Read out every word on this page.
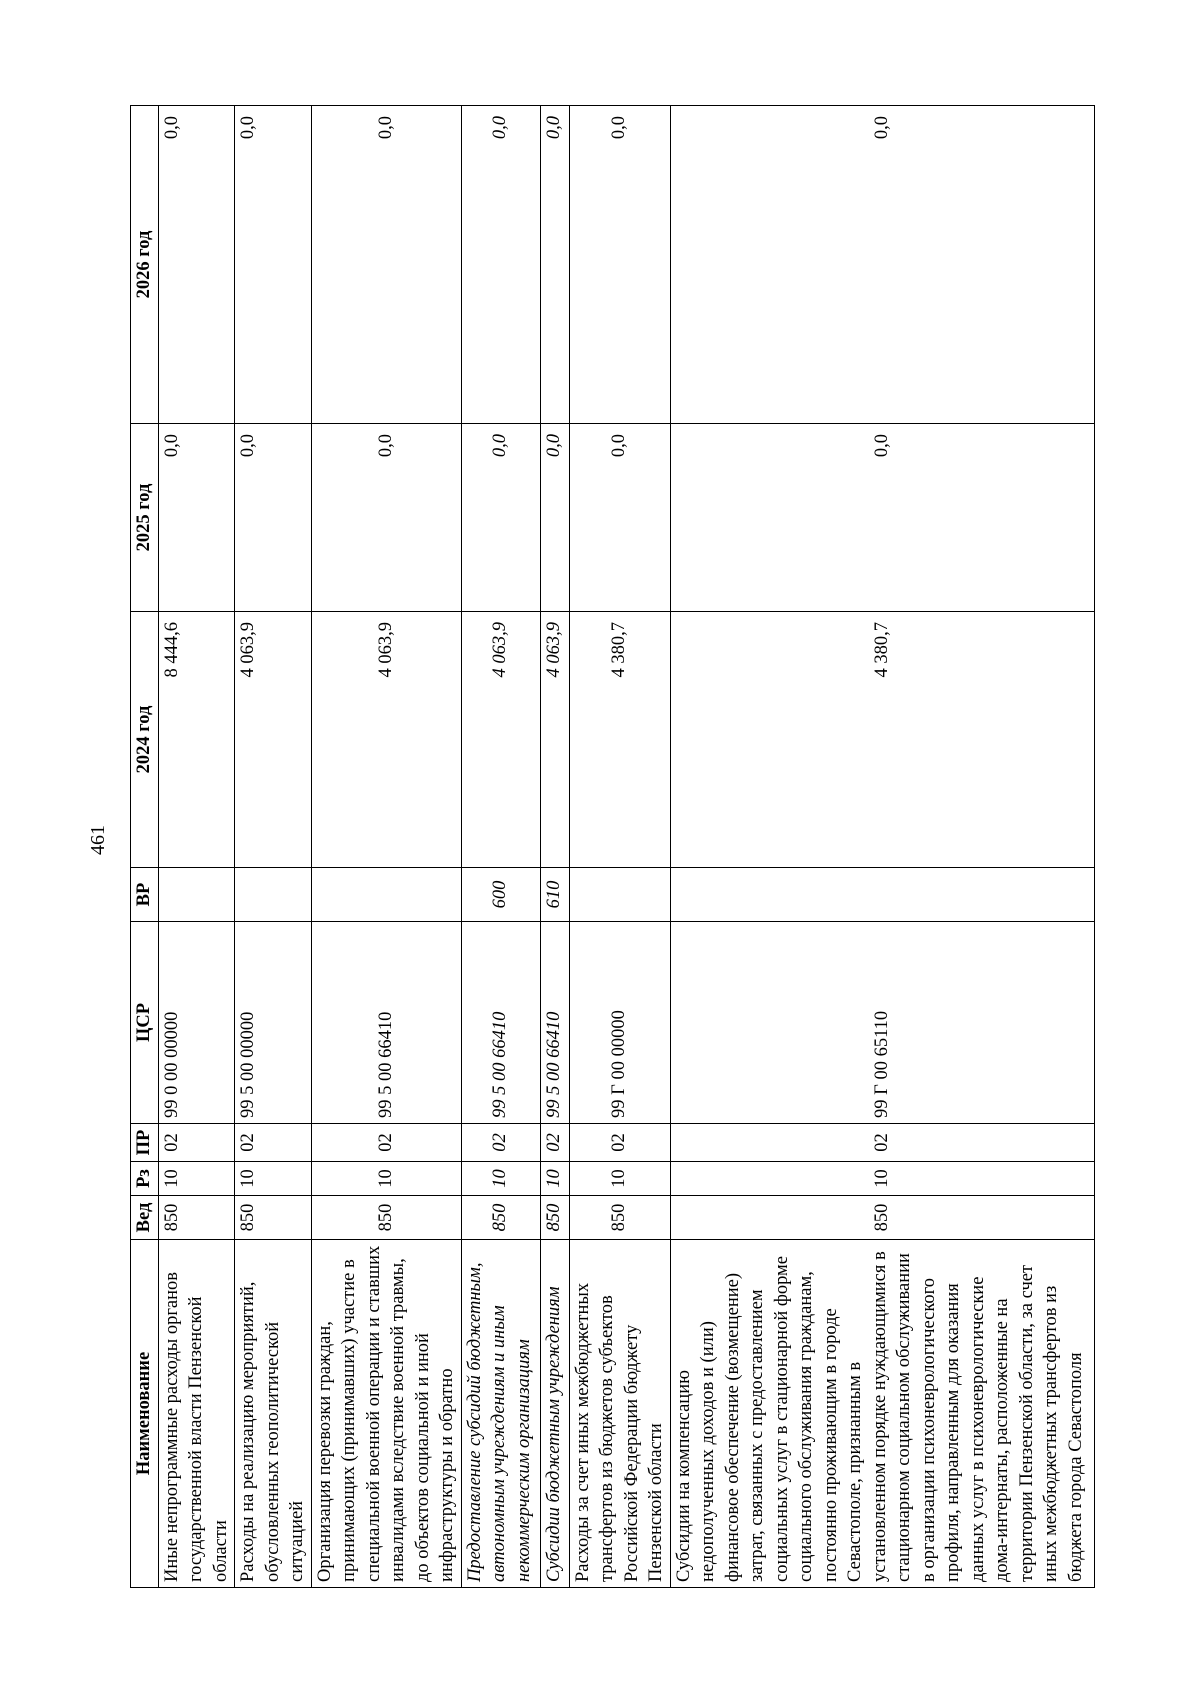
461
Наименование	Вед	Рз	ПР	ЦСР	ВР	2024 год	2025 год	2026 год
Иные непрограммные расходы органов государственной власти Пензенской области	850	10	02	99 0 00 00000		8 444,6	0,0	0,0
Расходы на реализацию мероприятий, обусловленных геополитической ситуацией	850	10	02	99 5 00 00000		4 063,9	0,0	0,0
Организация перевозки граждан, принимающих (принимавших) участие в специальной военной операции и ставших инвалидами вследствие военной травмы, до объектов социальной и иной инфраструктуры и обратно	850	10	02	99 5 00 66410		4 063,9	0,0	0,0
Предоставление субсидий бюджетным, автономным учреждениям и иным некоммерческим организациям	850	10	02	99 5 00 66410	600	4 063,9	0,0	0,0
Субсидии бюджетным учреждениям	850	10	02	99 5 00 66410	610	4 063,9	0,0	0,0
Расходы за счет иных межбюджетных трансфертов из бюджетов субъектов Российской Федерации бюджету Пензенской области	850	10	02	99 Г 00 00000		4 380,7	0,0	0,0
Субсидии на компенсацию недополученных доходов и (или) финансовое обеспечение (возмещение) затрат, связанных с предоставлением социальных услуг в стационарной форме социального обслуживания гражданам, постоянно проживающим в городе Севастополе, признанным в установленном порядке нуждающимися в стационарном социальном обслуживании в организации психоневрологического профиля, направленным для оказания данных услуг в психоневрологические дома-интернаты, расположенные на территории Пензенской области, за счет иных межбюджетных трансфертов из бюджета города Севастополя	850	10	02	99 Г 00 65110		4 380,7	0,0	0,0
